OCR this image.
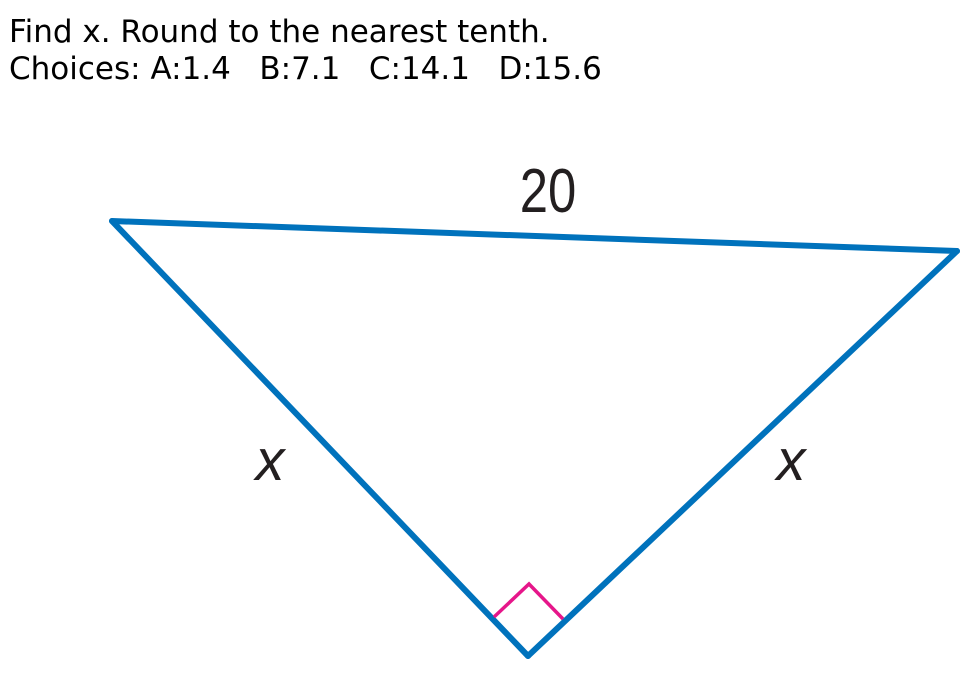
Find x. Round to the nearest tenth.
Choices: A:1.4 B:7.1 C:14.1 D:15.6
20
x	x
